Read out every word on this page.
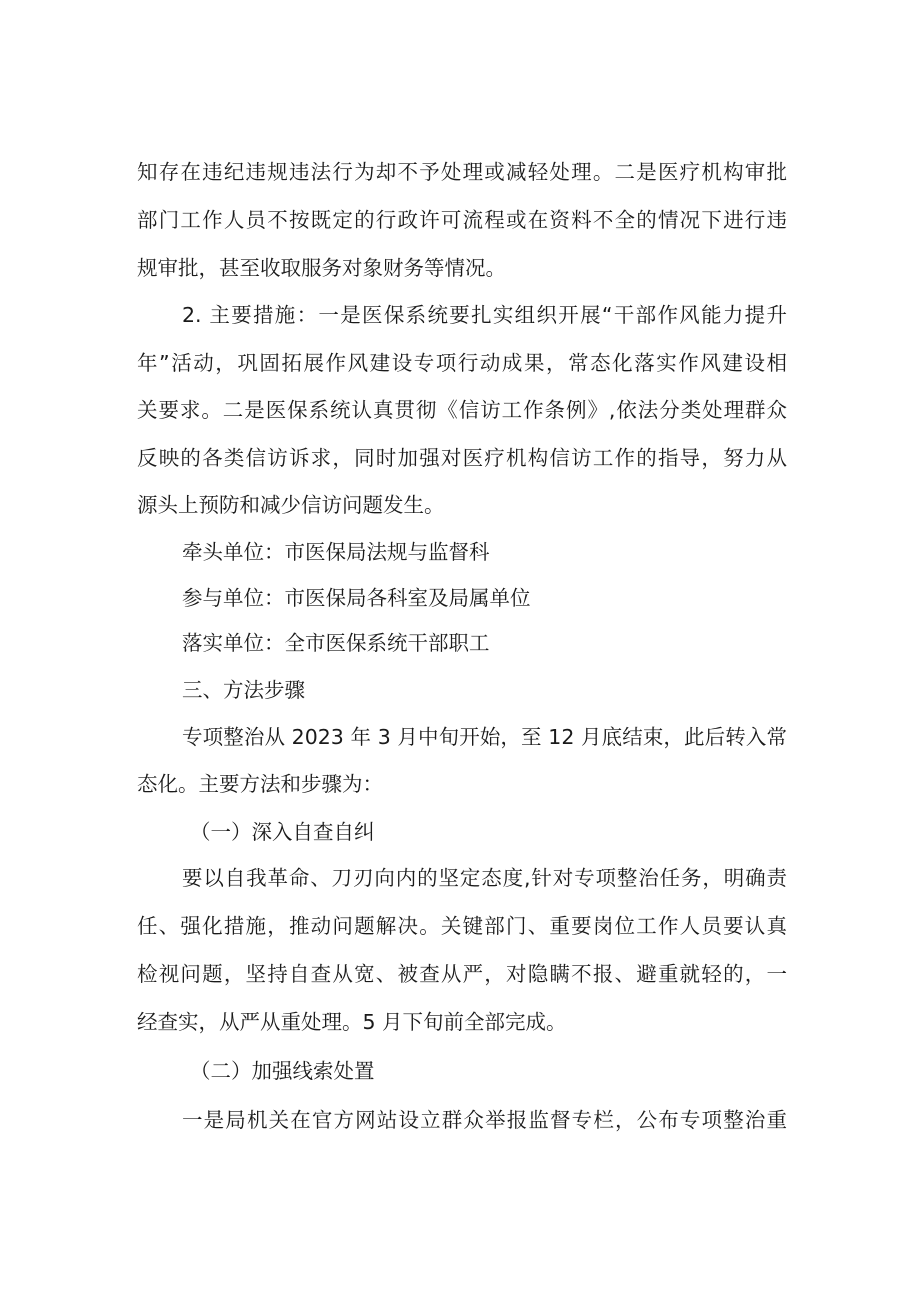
知存在违纪违规违法行为却不予处理或减轻处理。二是医疗机构审批
部门工作人员不按既定的行政许可流程或在资料不全的情况下进行违
规审批，甚至收取服务对象财务等情况。
2. 主要措施：一是医保系统要扎实组织开展“干部作风能力提升
年”活动，巩固拓展作风建设专项行动成果，常态化落实作风建设相
关要求。二是医保系统认真贯彻《信访工作条例》,依法分类处理群众
反映的各类信访诉求，同时加强对医疗机构信访工作的指导，努力从
源头上预防和减少信访问题发生。
牵头单位：市医保局法规与监督科
参与单位：市医保局各科室及局属单位
落实单位：全市医保系统干部职工
三、方法步骤
专项整治从 2023 年 3 月中旬开始，至 12 月底结束，此后转入常
态化。主要方法和步骤为：
（一）深入自查自纠
要以自我革命、刀刃向内的坚定态度,针对专项整治任务，明确责
任、强化措施，推动问题解决。关键部门、重要岗位工作人员要认真
检视问题，坚持自查从宽、被查从严，对隐瞒不报、避重就轻的，一
经查实，从严从重处理。5 月下旬前全部完成。
（二）加强线索处置
一是局机关在官方网站设立群众举报监督专栏，公布专项整治重
